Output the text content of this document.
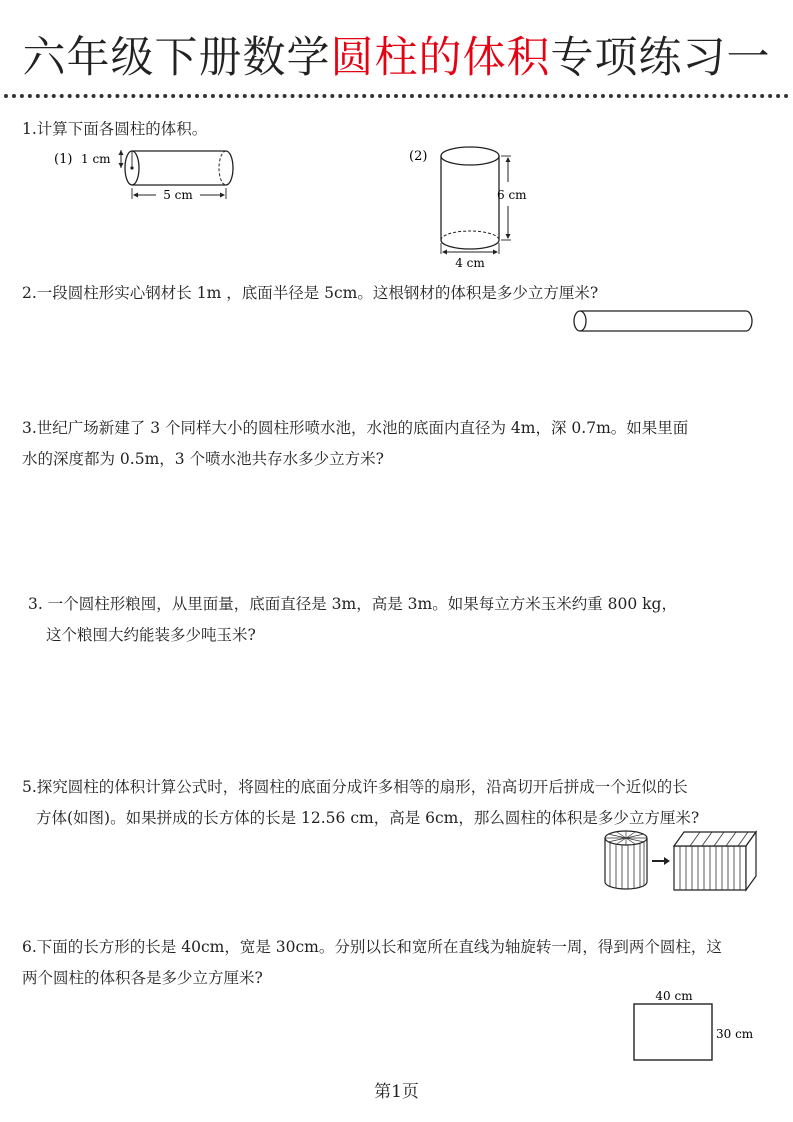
六年级下册数学圆柱的体积专项练习一
1.计算下面各圆柱的体积。
(1) 1 cm
5 cm
(2)
6 cm
4 cm
2.一段圆柱形实心钢材长 1m ，底面半径是 5cm。这根钢材的体积是多少立方厘米?
3.世纪广场新建了 3 个同样大小的圆柱形喷水池，水池的底面内直径为 4m，深 0.7m。如果里面
水的深度都为 0.5m，3 个喷水池共存水多少立方米?
3. 一个圆柱形粮囤，从里面量，底面直径是 3m，高是 3m。如果每立方米玉米约重 800 kg，
这个粮囤大约能装多少吨玉米?
5.探究圆柱的体积计算公式时，将圆柱的底面分成许多相等的扇形，沿高切开后拼成一个近似的长
方体(如图)。如果拼成的长方体的长是 12.56 cm，高是 6cm，那么圆柱的体积是多少立方厘米?
6.下面的长方形的长是 40cm，宽是 30cm。分别以长和宽所在直线为轴旋转一周，得到两个圆柱，这
两个圆柱的体积各是多少立方厘米?
40 cm
30 cm
第1页
